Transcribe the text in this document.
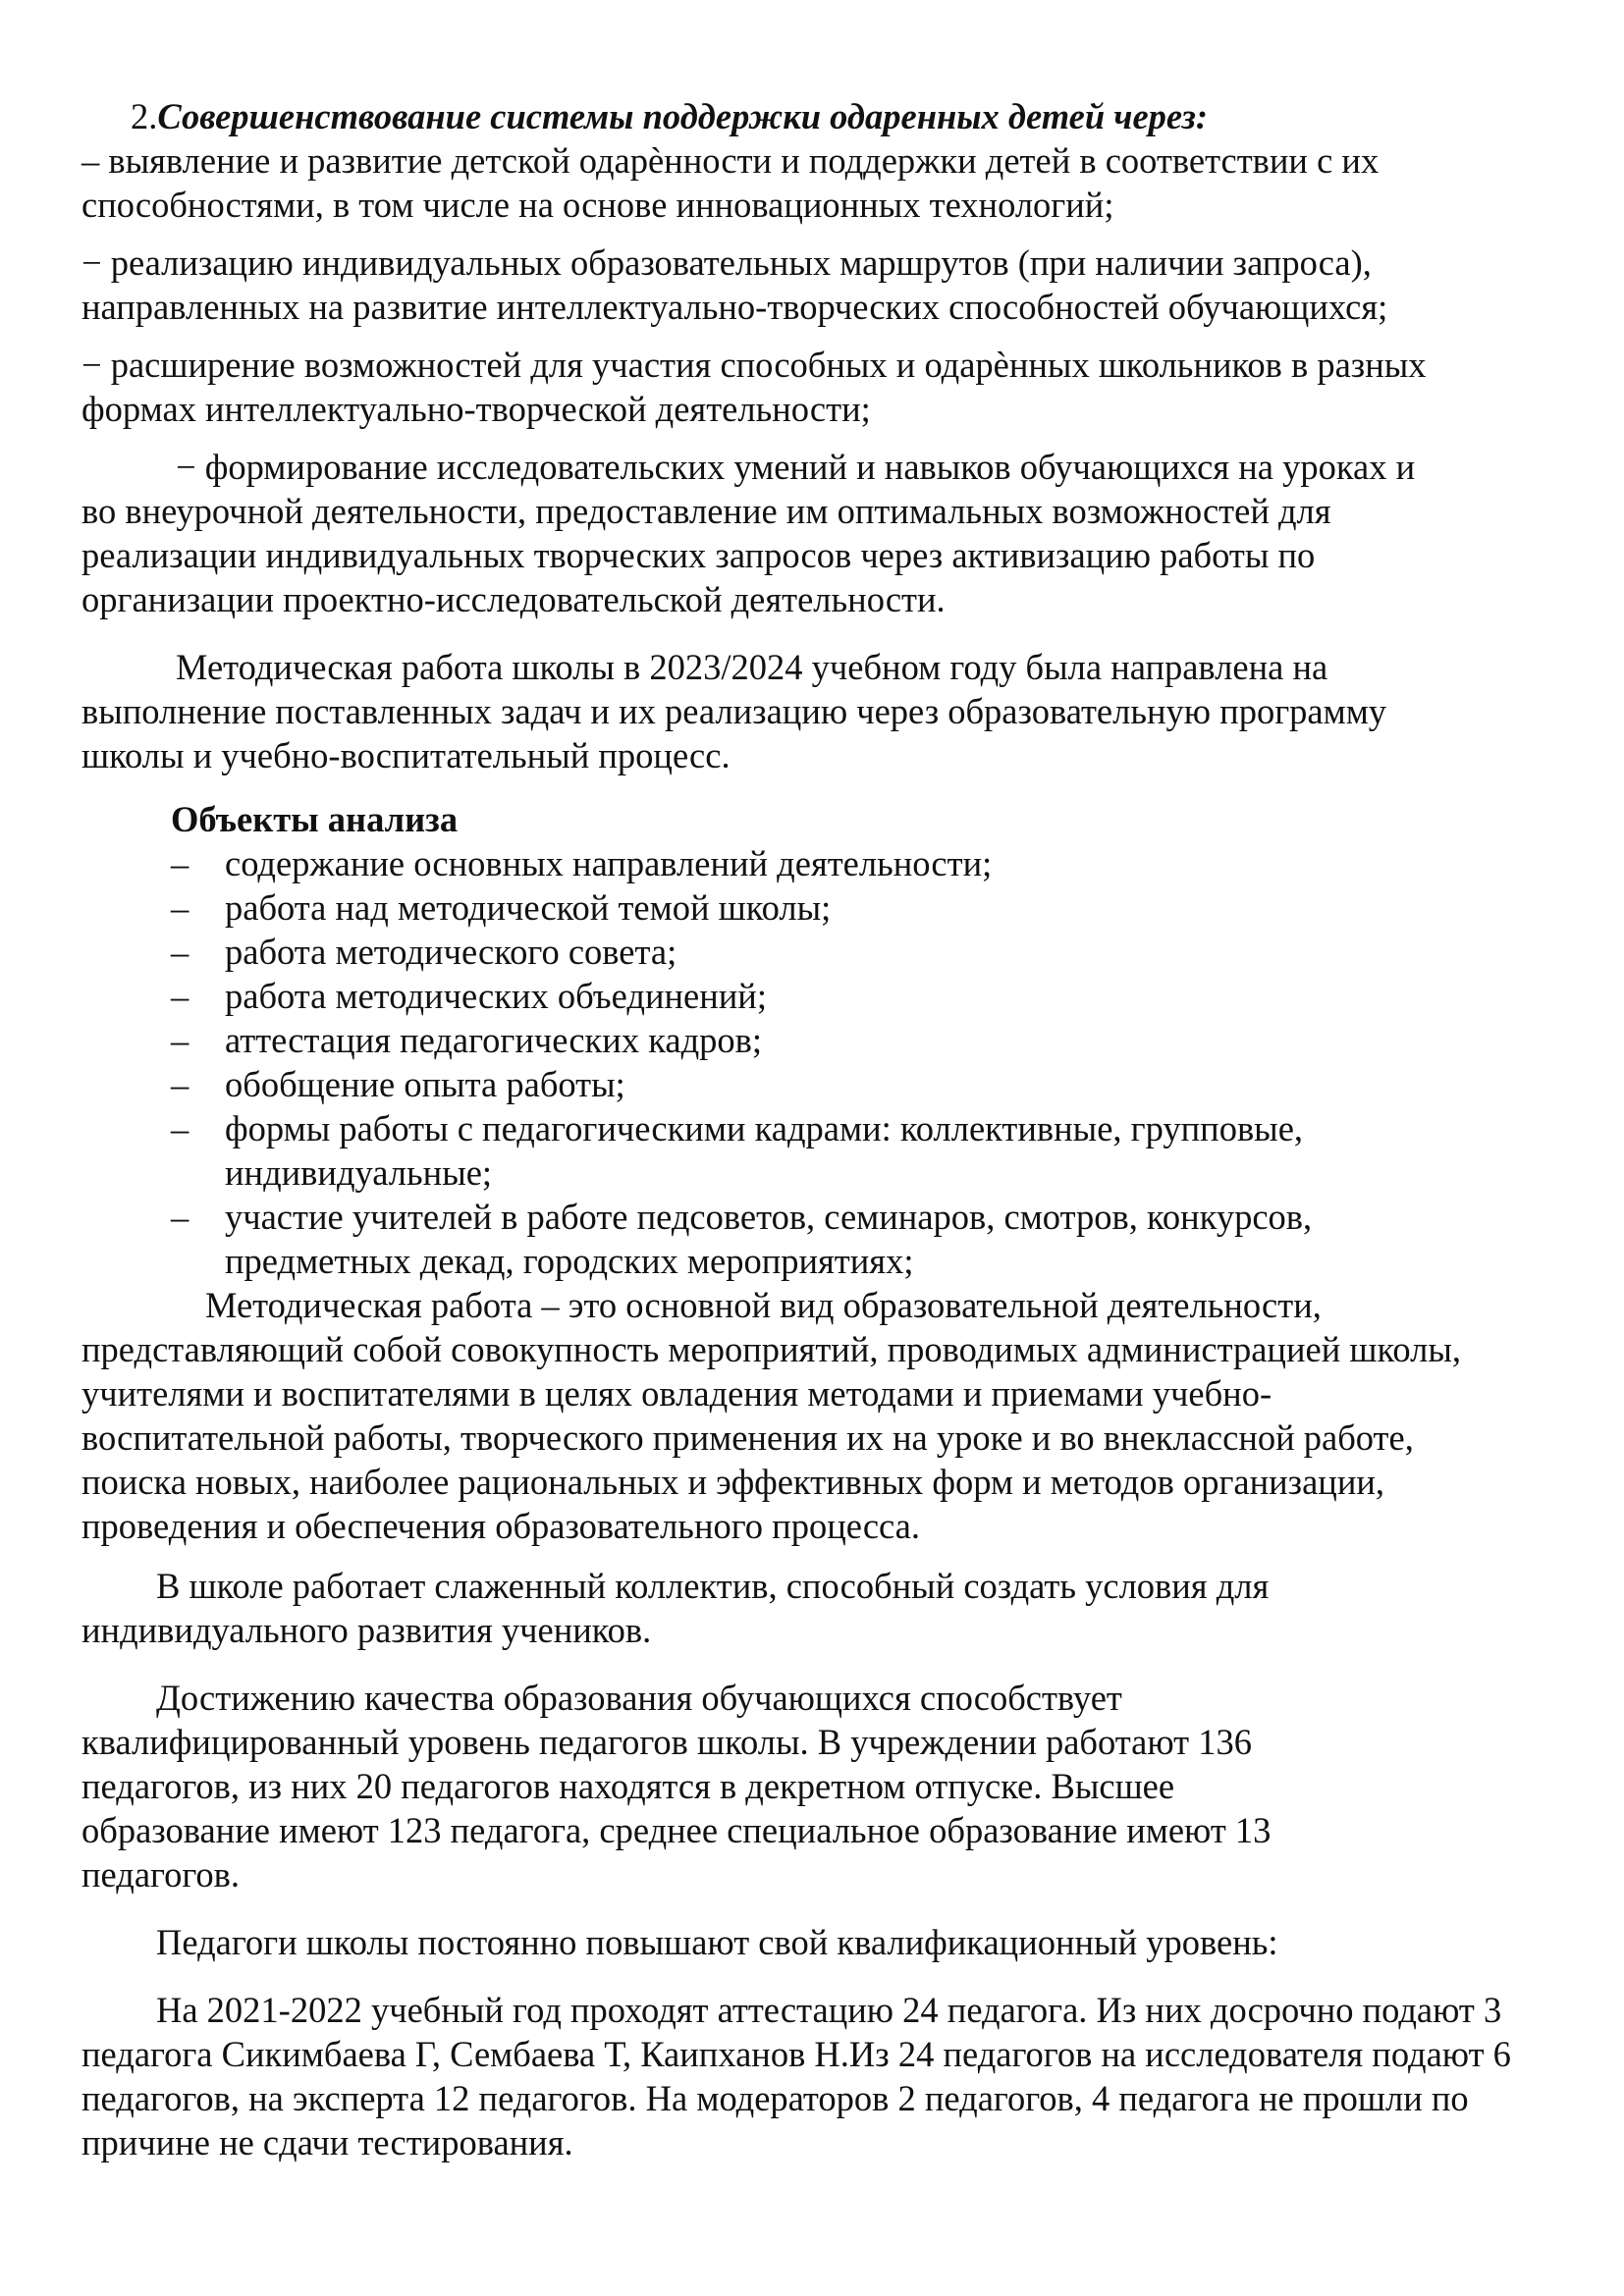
2.Совершенствование системы поддержки одаренных детей через:

– выявление и развитие детской одарѐнности и поддержки детей в соответствии с их способностями, в том числе на основе инновационных технологий;

− реализацию индивидуальных образовательных маршрутов (при наличии запроса), направленных на развитие интеллектуально-творческих способностей обучающихся;

− расширение возможностей для участия способных и одарѐнных школьников в разных формах интеллектуально-творческой деятельности;

− формирование исследовательских умений и навыков обучающихся на уроках и во внеурочной деятельности, предоставление им оптимальных возможностей для реализации индивидуальных творческих запросов через активизацию работы по организации проектно-исследовательской деятельности.

Методическая работа школы в 2023/2024 учебном году была направлена на выполнение поставленных задач и их реализацию через образовательную программу школы и учебно-воспитательный процесс.

Объекты анализа

– содержание основных направлений деятельности;
– работа над методической темой школы;
– работа методического совета;
– работа методических объединений;
– аттестация педагогических кадров;
– обобщение опыта работы;
– формы работы с педагогическими кадрами: коллективные, групповые, индивидуальные;
– участие учителей в работе педсоветов, семинаров, смотров, конкурсов, предметных декад, городских мероприятиях;

Методическая работа – это основной вид образовательной деятельности, представляющий собой совокупность мероприятий, проводимых администрацией школы, учителями и воспитателями в целях овладения методами и приемами учебно-воспитательной работы, творческого применения их на уроке и во внеклассной работе, поиска новых, наиболее рациональных и эффективных форм и методов организации, проведения и обеспечения образовательного процесса.

В школе работает слаженный коллектив, способный создать условия для индивидуального развития учеников.

Достижению качества образования обучающихся способствует квалифицированный уровень педагогов школы. В учреждении работают 136 педагогов, из них 20 педагогов находятся в декретном отпуске. Высшее образование имеют 123 педагога, среднее специальное образование имеют 13 педагогов.

Педагоги школы постоянно повышают свой квалификационный уровень:

На 2021-2022 учебный год проходят аттестацию 24 педагога. Из них досрочно подают 3 педагога Сикимбаева Г, Сембаева Т, Каипханов Н.Из 24 педагогов на исследователя подают 6 педагогов, на эксперта 12 педагогов. На модераторов 2 педагогов, 4 педагога не прошли по причине не сдачи тестирования.
